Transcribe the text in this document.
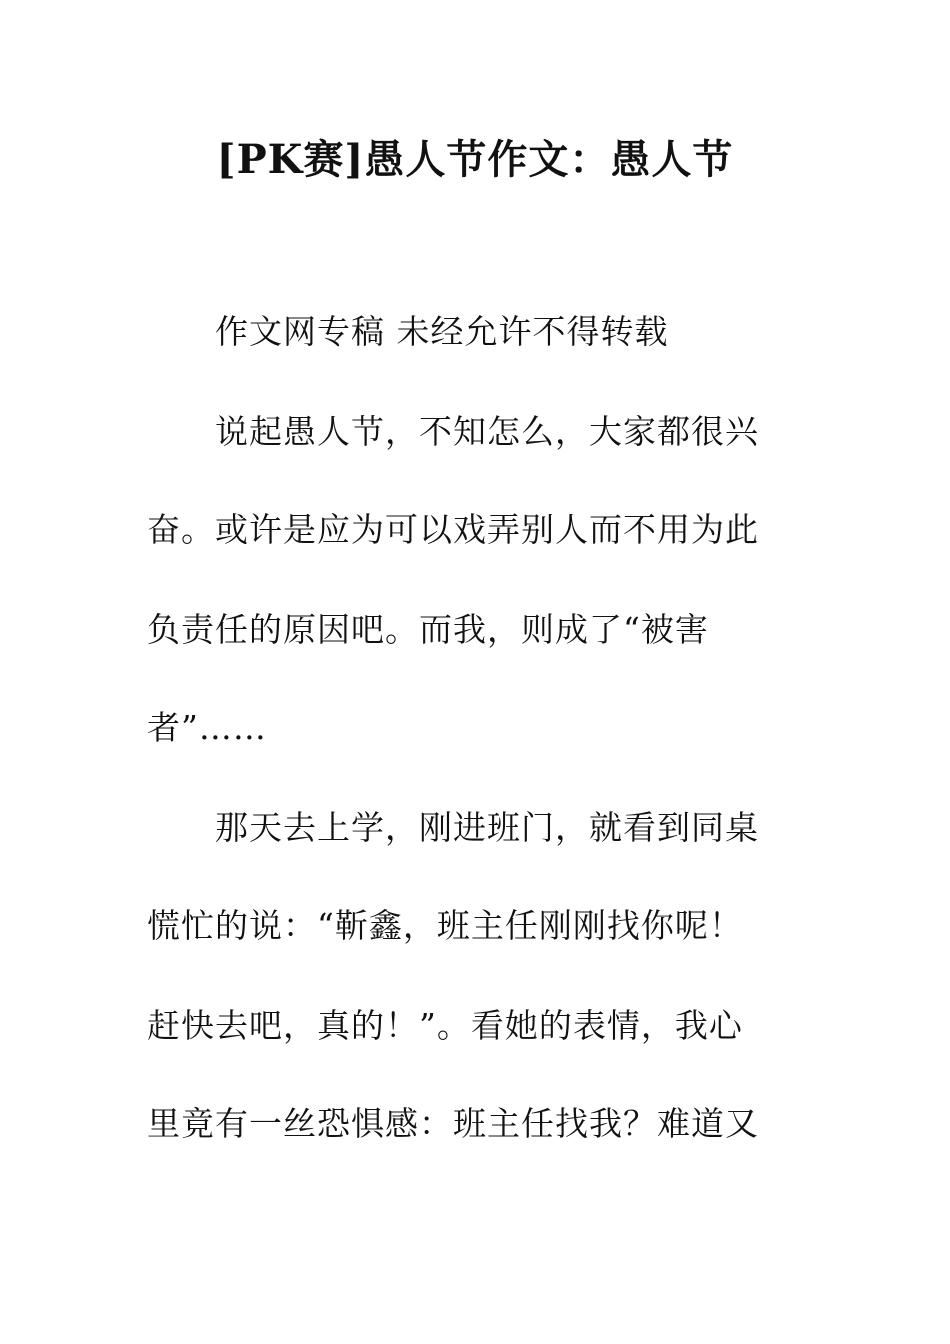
[PK赛]愚人节作文：愚人节
作文网专稿 未经允许不得转载
说起愚人节，不知怎么，大家都很兴
奋。或许是应为可以戏弄别人而不用为此
负责任的原因吧。而我，则成了“被害
者”……
那天去上学，刚进班门，就看到同桌
慌忙的说：“靳鑫，班主任刚刚找你呢！
赶快去吧，真的！”。看她的表情，我心
里竟有一丝恐惧感：班主任找我？难道又
